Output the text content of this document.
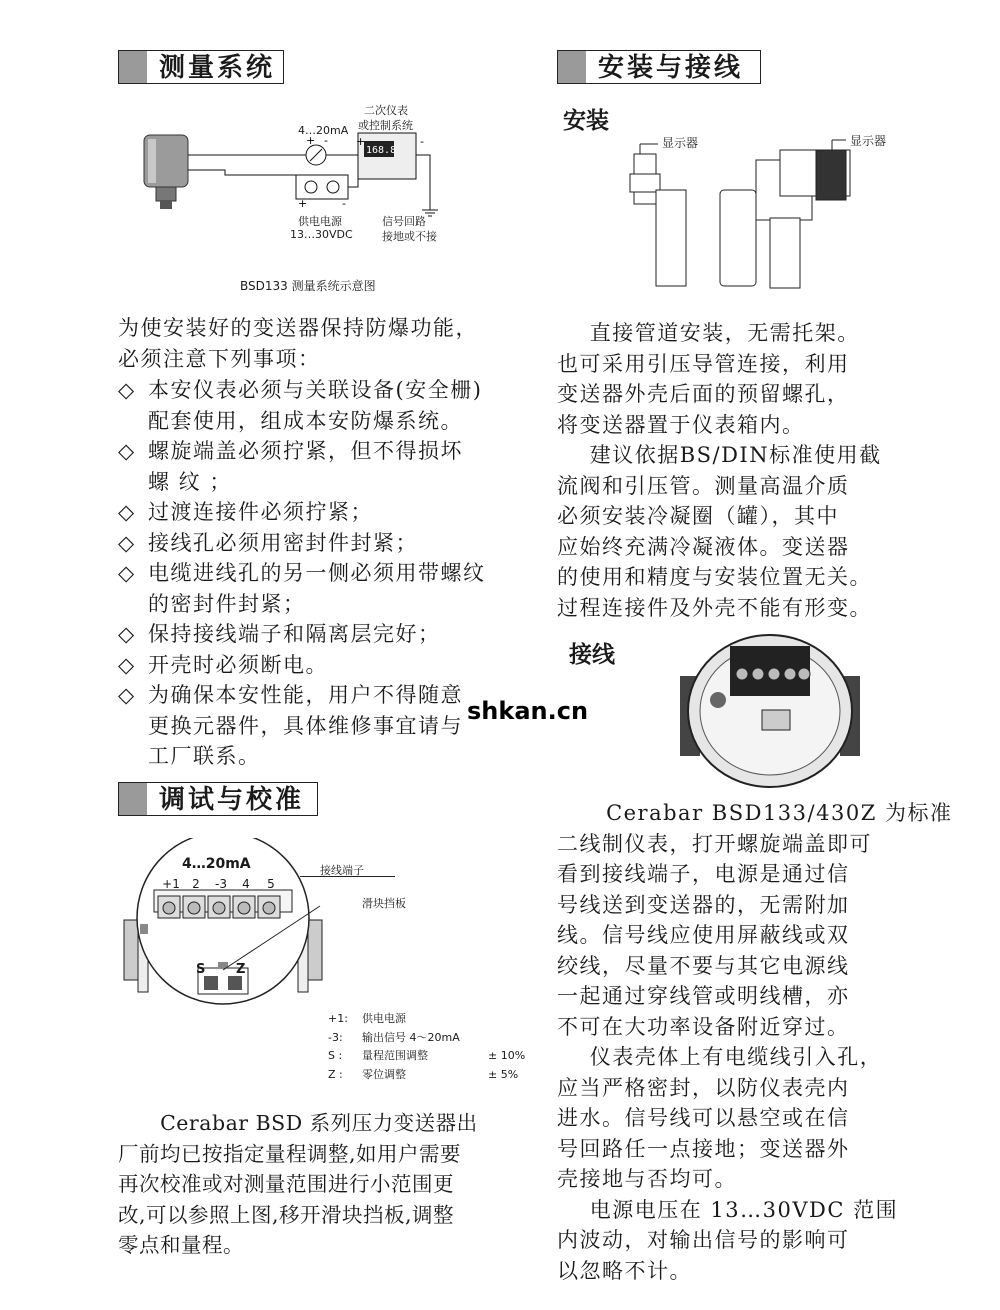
测量系统
168.8
+ -
+	-
+	-
4…20mA
二次仪表
或控制系统
供电电源
13…30VDC
信号回路
接地或不接
BSD133 测量系统示意图

为使安装好的变送器保持防爆功能，
必须注意下列事项：

◇ 本安仪表必须与关联设备(安全栅)
配套使用，组成本安防爆系统。
◇ 螺旋端盖必须拧紧，但不得损坏
螺 纹 ；
◇ 过渡连接件必须拧紧；
◇ 接线孔必须用密封件封紧；
◇ 电缆进线孔的另一侧必须用带螺纹
的密封件封紧；
◇ 保持接线端子和隔离层完好；
◇ 开壳时必须断电。
◇ 为确保本安性能，用户不得随意
更换元器件，具体维修事宜请与
工厂联系。
调试与校准
4…20mA
+1	2	-3	4	5
接线端子
滑块挡板
S Z
+1:	供电电源
-3:	输出信号 4～20mA
S :	量程范围调整	± 10%
Z :	零位调整	± 5%

Cerabar BSD 系列压力变送器出
厂前均已按指定量程调整,如用户需要
再次校准或对测量范围进行小范围更
改,可以参照上图,移开滑块挡板,调整
零点和量程。

安装与接线
安装
显示器	显示器

直接管道安装，无需托架。
也可采用引压导管连接，利用
变送器外壳后面的预留螺孔，
将变送器置于仪表箱内。
建议依据BS/DIN标准使用截
流阀和引压管。测量高温介质
必须安装冷凝圈（罐），其中
应始终充满冷凝液体。变送器
的使用和精度与安装位置无关。
过程连接件及外壳不能有形变。

接线

Cerabar BSD133/430Z 为标准
二线制仪表，打开螺旋端盖即可
看到接线端子，电源是通过信
号线送到变送器的，无需附加
线。信号线应使用屏蔽线或双
绞线，尽量不要与其它电源线
一起通过穿线管或明线槽，亦
不可在大功率设备附近穿过。
仪表壳体上有电缆线引入孔，
应当严格密封，以防仪表壳内
进水。信号线可以悬空或在信
号回路任一点接地；变送器外
壳接地与否均可。
电源电压在 13…30VDC 范围
内波动，对输出信号的影响可
以忽略不计。

shkan.cn
